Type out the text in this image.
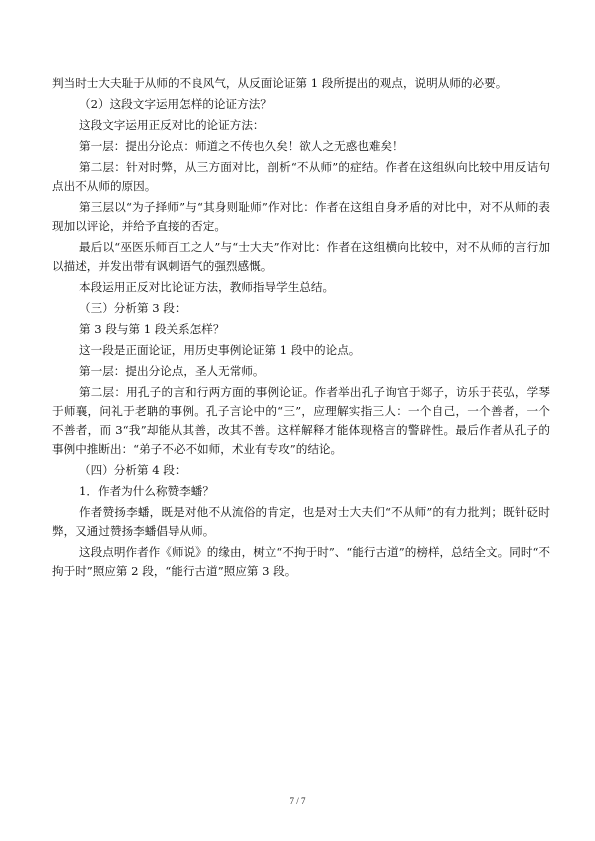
判当时士大夫耻于从师的不良风气，从反面论证第 1 段所提出的观点，说明从师的必要。

（2）这段文字运用怎样的论证方法？

这段文字运用正反对比的论证方法：

第一层：提出分论点：师道之不传也久矣！欲人之无惑也难矣！

第二层：针对时弊，从三方面对比，剖析“不从师”的症结。作者在这组纵向比较中用反诘句点出不从师的原因。

第三层以“为子择师”与“其身则耻师”作对比：作者在这组自身矛盾的对比中，对不从师的表现加以评论，并给予直接的否定。

最后以“巫医乐师百工之人”与“士大夫”作对比：作者在这组横向比较中，对不从师的言行加以描述，并发出带有讽刺语气的强烈感慨。

本段运用正反对比论证方法，教师指导学生总结。

（三）分析第 3 段：

第 3 段与第 1 段关系怎样？

这一段是正面论证，用历史事例论证第 1 段中的论点。

第一层：提出分论点，圣人无常师。

第二层：用孔子的言和行两方面的事例论证。作者举出孔子询官于郯子，访乐于苌弘，学琴于师襄，问礼于老聃的事例。孔子言论中的“三”，应理解实指三人：一个自己，一个善者，一个不善者，而 3“我”却能从其善，改其不善。这样解释才能体现格言的警辟性。最后作者从孔子的事例中推断出：“弟子不必不如师，术业有专攻”的结论。

（四）分析第 4 段：

1．作者为什么称赞李蟠？

作者赞扬李蟠，既是对他不从流俗的肯定，也是对士大夫们“不从师”的有力批判；既针砭时弊，又通过赞扬李蟠倡导从师。

这段点明作者作《师说》的缘由，树立“不拘于时”、“能行古道”的榜样，总结全文。同时“不拘于时”照应第 2 段，“能行古道”照应第 3 段。

7 / 7
